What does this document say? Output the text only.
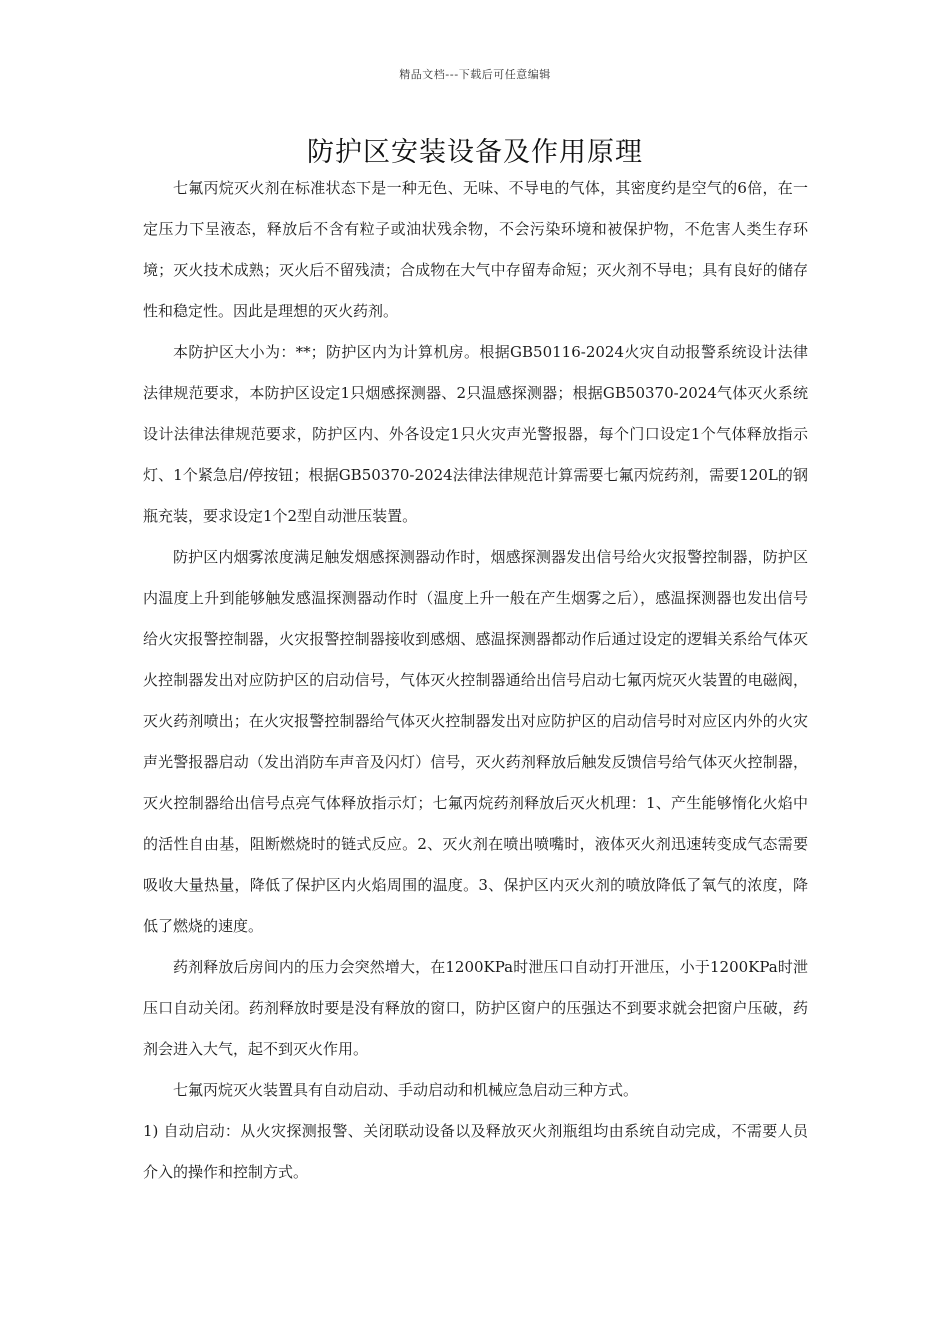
精品文档---下载后可任意编辑
防护区安装设备及作用原理

七氟丙烷灭火剂在标准状态下是一种无色、无味、不导电的气体，其密度约是空气的6倍，在一定压力下呈液态，释放后不含有粒子或油状残余物，不会污染环境和被保护物，不危害人类生存环境；灭火技术成熟；灭火后不留残渍；合成物在大气中存留寿命短；灭火剂不导电；具有良好的储存性和稳定性。因此是理想的灭火药剂。

本防护区大小为：**；防护区内为计算机房。根据GB50116-2024火灾自动报警系统设计法律法律规范要求，本防护区设定1只烟感探测器、2只温感探测器；根据GB50370-2024气体灭火系统设计法律法律规范要求，防护区内、外各设定1只火灾声光警报器，每个门口设定1个气体释放指示灯、1个紧急启/停按钮；根据GB50370-2024法律法律规范计算需要七氟丙烷药剂，需要120L的钢瓶充装，要求设定1个2型自动泄压装置。

防护区内烟雾浓度满足触发烟感探测器动作时，烟感探测器发出信号给火灾报警控制器，防护区内温度上升到能够触发感温探测器动作时（温度上升一般在产生烟雾之后），感温探测器也发出信号给火灾报警控制器，火灾报警控制器接收到感烟、感温探测器都动作后通过设定的逻辑关系给气体灭火控制器发出对应防护区的启动信号，气体灭火控制器通给出信号启动七氟丙烷灭火装置的电磁阀，灭火药剂喷出；在火灾报警控制器给气体灭火控制器发出对应防护区的启动信号时对应区内外的火灾声光警报器启动（发出消防车声音及闪灯）信号，灭火药剂释放后触发反馈信号给气体灭火控制器，灭火控制器给出信号点亮气体释放指示灯；七氟丙烷药剂释放后灭火机理：1、产生能够惰化火焰中的活性自由基，阻断燃烧时的链式反应。2、灭火剂在喷出喷嘴时，液体灭火剂迅速转变成气态需要吸收大量热量，降低了保护区内火焰周围的温度。3、保护区内灭火剂的喷放降低了氧气的浓度，降低了燃烧的速度。

药剂释放后房间内的压力会突然增大，在1200KPa时泄压口自动打开泄压，小于1200KPa时泄压口自动关闭。药剂释放时要是没有释放的窗口，防护区窗户的压强达不到要求就会把窗户压破，药剂会进入大气，起不到灭火作用。

七氟丙烷灭火装置具有自动启动、手动启动和机械应急启动三种方式。

1) 自动启动：从火灾探测报警、关闭联动设备以及释放灭火剂瓶组均由系统自动完成，不需要人员介入的操作和控制方式。
